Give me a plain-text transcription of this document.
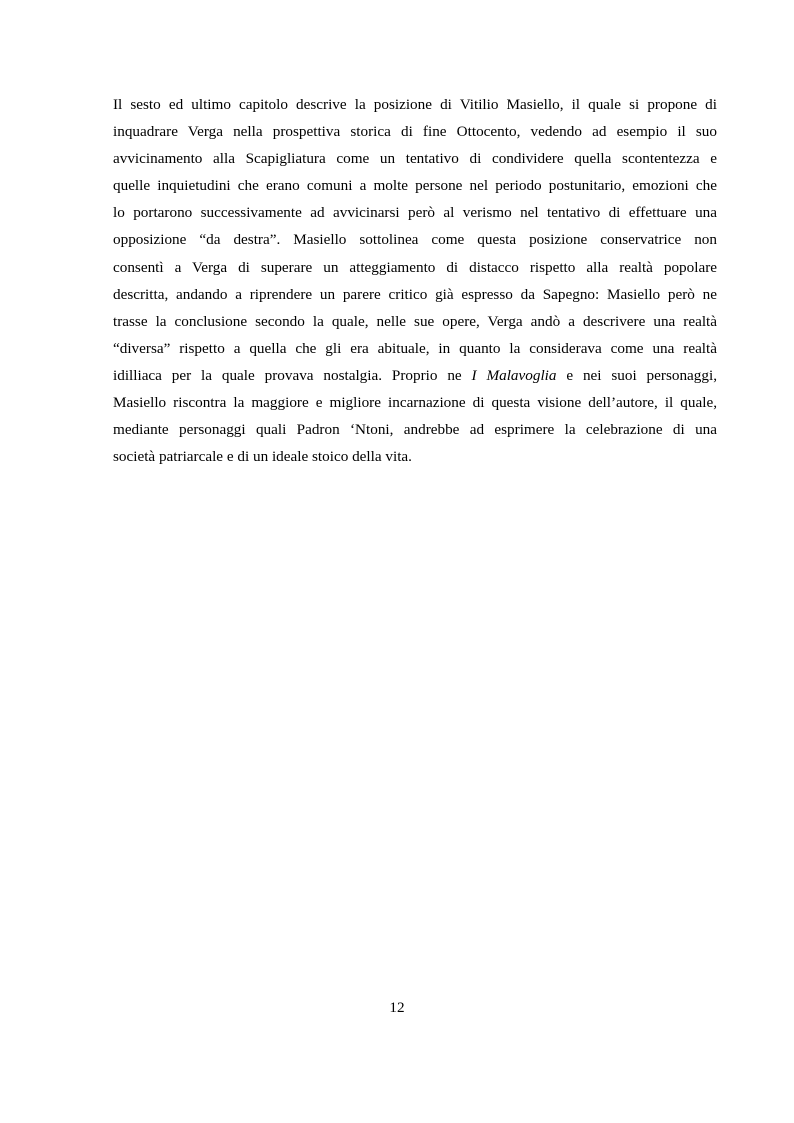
Il sesto ed ultimo capitolo descrive la posizione di Vitilio Masiello, il quale si propone di
inquadrare Verga nella prospettiva storica di fine Ottocento, vedendo ad esempio il suo
avvicinamento alla Scapigliatura come un tentativo di condividere quella scontentezza e
quelle inquietudini che erano comuni a molte persone nel periodo postunitario, emozioni che
lo portarono successivamente ad avvicinarsi però al verismo nel tentativo di effettuare una
opposizione “da destra”. Masiello sottolinea come questa posizione conservatrice non
consentì a Verga di superare un atteggiamento di distacco rispetto alla realtà popolare
descritta, andando a riprendere un parere critico già espresso da Sapegno: Masiello però ne
trasse la conclusione secondo la quale, nelle sue opere, Verga andò a descrivere una realtà
“diversa” rispetto a quella che gli era abituale, in quanto la considerava come una realtà
idilliaca per la quale provava nostalgia. Proprio ne I Malavoglia e nei suoi personaggi,
Masiello riscontra la maggiore e migliore incarnazione di questa visione dell’autore, il quale,
mediante personaggi quali Padron ‘Ntoni, andrebbe ad esprimere la celebrazione di una
società patriarcale e di un ideale stoico della vita.
12
